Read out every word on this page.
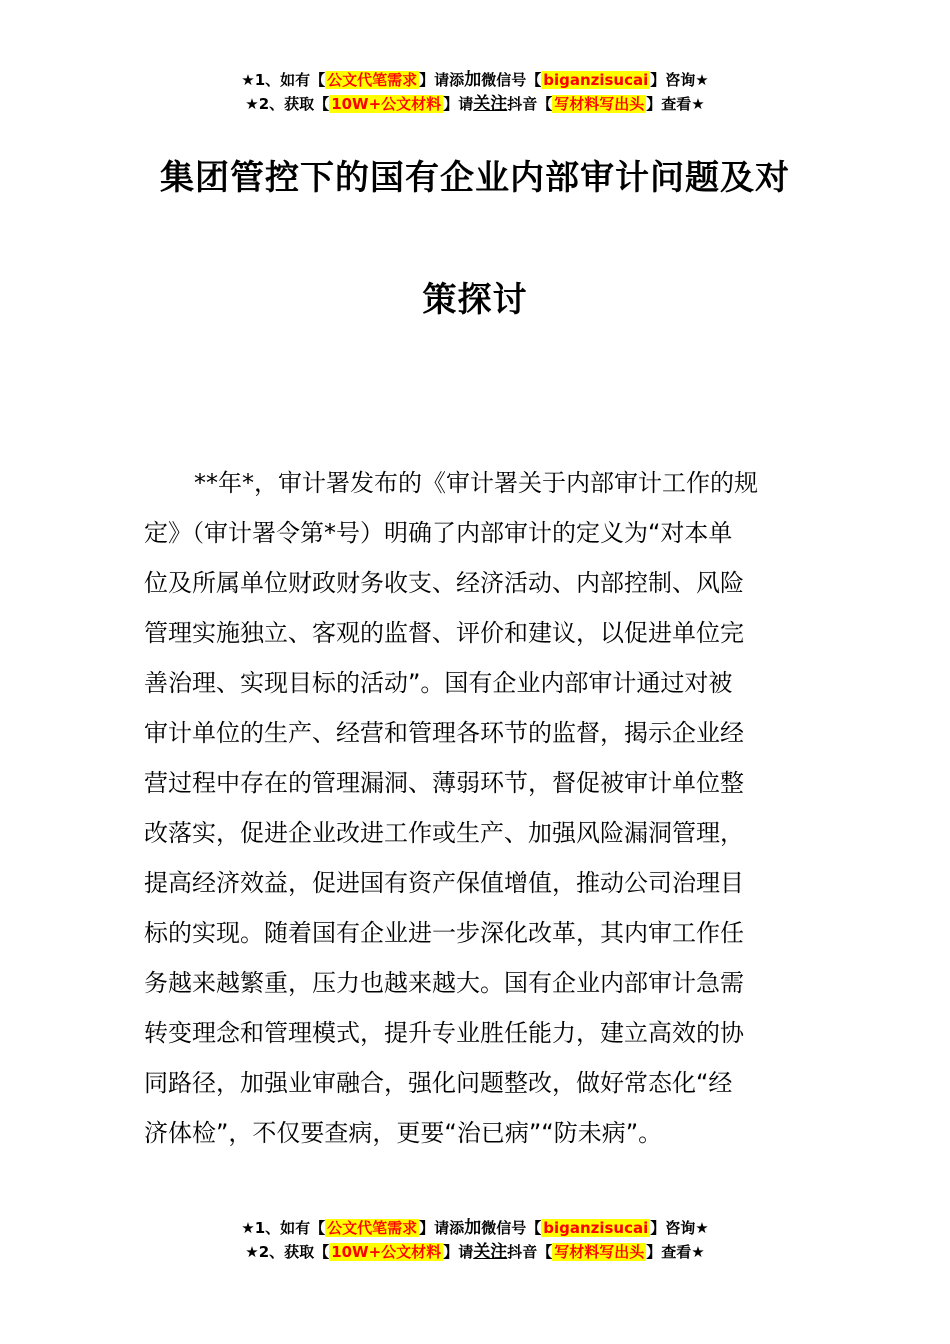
★1、如有【 公文代笔需求 】请添加微信号【 biganzisucai 】咨询★
★2、获取【 10W+公文材料 】请关注抖音【 写材料写出头 】查看★
集团管控下的国有企业内部审计问题及对
策探讨
**年*，审计署发布的《审计署关于内部审计工作的规
定》（审计署令第*号）明确了内部审计的定义为“对本单
位及所属单位财政财务收支、经济活动、内部控制、风险
管理实施独立、客观的监督、评价和建议，以促进单位完
善治理、实现目标的活动”。国有企业内部审计通过对被
审计单位的生产、经营和管理各环节的监督，揭示企业经
营过程中存在的管理漏洞、薄弱环节，督促被审计单位整
改落实，促进企业改进工作或生产、加强风险漏洞管理，
提高经济效益，促进国有资产保值增值，推动公司治理目
标的实现。随着国有企业进一步深化改革，其内审工作任
务越来越繁重，压力也越来越大。国有企业内部审计急需
转变理念和管理模式，提升专业胜任能力，建立高效的协
同路径，加强业审融合，强化问题整改，做好常态化“经
济体检”，不仅要查病，更要“治已病”“防未病”。
★1、如有【 公文代笔需求 】请添加微信号【 biganzisucai 】咨询★
★2、获取【 10W+公文材料 】请关注抖音【 写材料写出头 】查看★
